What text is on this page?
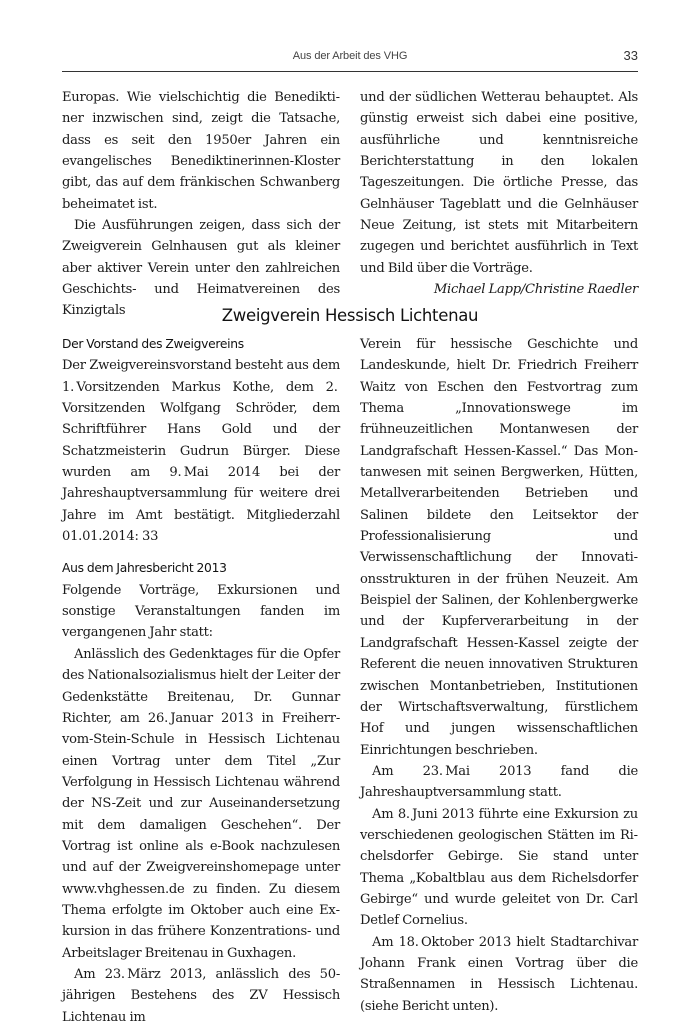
Aus der Arbeit des VHG	33

Europas. Wie vielschichtig die Benediktiner inzwischen sind, zeigt die Tatsache, dass es seit den 1950er Jahren ein evangelisches Benediktinerinnen-Kloster gibt, das auf dem fränkischen Schwanberg beheimatet ist.

Die Ausführungen zeigen, dass sich der Zweigverein Gelnhausen gut als kleiner aber aktiver Verein unter den zahlreichen Geschichts- und Heimatvereinen des Kinzigtals

und der südlichen Wetterau behauptet. Als günstig erweist sich dabei eine positive, ausführliche und kenntnisreiche Berichterstattung in den lokalen Tageszeitungen. Die örtliche Presse, das Gelnhäuser Tageblatt und die Gelnhäuser Neue Zeitung, ist stets mit Mitarbeitern zugegen und berichtet ausführlich in Text und Bild über die Vorträge.

Michael Lapp/Christine Raedler

Zweigverein Hessisch Lichtenau
Der Vorstand des Zweigvereins

Der Zweigvereinsvorstand besteht aus dem 1. Vorsitzenden Markus Kothe, dem 2. Vorsitzenden Wolfgang Schröder, dem Schriftführer Hans Gold und der Schatzmeisterin Gudrun Bürger. Diese wurden am 9. Mai 2014 bei der Jahreshauptversammlung für weitere drei Jahre im Amt bestätigt. Mitgliederzahl 01.01.2014: 33

Aus dem Jahresbericht 2013

Folgende Vorträge, Exkursionen und sonstige Veranstaltungen fanden im vergangenen Jahr statt:

Anlässlich des Gedenktages für die Opfer des Nationalsozialismus hielt der Leiter der Gedenkstätte Breitenau, Dr. Gunnar Richter, am 26. Januar 2013 in Freiherr-vom-Stein-Schule in Hessisch Lichtenau einen Vortrag unter dem Titel „Zur Verfolgung in Hessisch Lichtenau während der NS-Zeit und zur Auseinandersetzung mit dem damaligen Geschehen“. Der Vortrag ist online als e-Book nachzulesen und auf der Zweigvereinshomepage unter www.vhghessen.de zu finden. Zu diesem Thema erfolgte im Oktober auch eine Exkursion in das frühere Konzentrations- und Arbeitslager Breitenau in Guxhagen.

Am 23. März 2013, anlässlich des 50-jährigen Bestehens des ZV Hessisch Lichtenau im

Verein für hessische Geschichte und Landeskunde, hielt Dr. Friedrich Freiherr Waitz von Eschen den Festvortrag zum Thema „Innovationswege im frühneuzeitlichen Montanwesen der Landgrafschaft Hessen-Kassel.“ Das Montanwesen mit seinen Bergwerken, Hütten, Metallverarbeitenden Betrieben und Salinen bildete den Leitsektor der Professionalisierung und Verwissenschaftlichung der Innovationsstrukturen in der frühen Neuzeit. Am Beispiel der Salinen, der Kohlenbergwerke und der Kupferverarbeitung in der Landgrafschaft Hessen-Kassel zeigte der Referent die neuen innovativen Strukturen zwischen Montanbetrieben, Institutionen der Wirtschaftsverwaltung, fürstlichem Hof und jungen wissenschaftlichen Einrichtungen beschrieben.

Am 23. Mai 2013 fand die Jahreshauptversammlung statt.

Am 8. Juni 2013 führte eine Exkursion zu verschiedenen geologischen Stätten im Richelsdorfer Gebirge. Sie stand unter Thema „Kobaltblau aus dem Richelsdorfer Gebirge“ und wurde geleitet von Dr. Carl Detlef Cornelius.

Am 18. Oktober 2013 hielt Stadtarchivar Johann Frank einen Vortrag über die Straßennamen in Hessisch Lichtenau. (siehe Bericht unten).
